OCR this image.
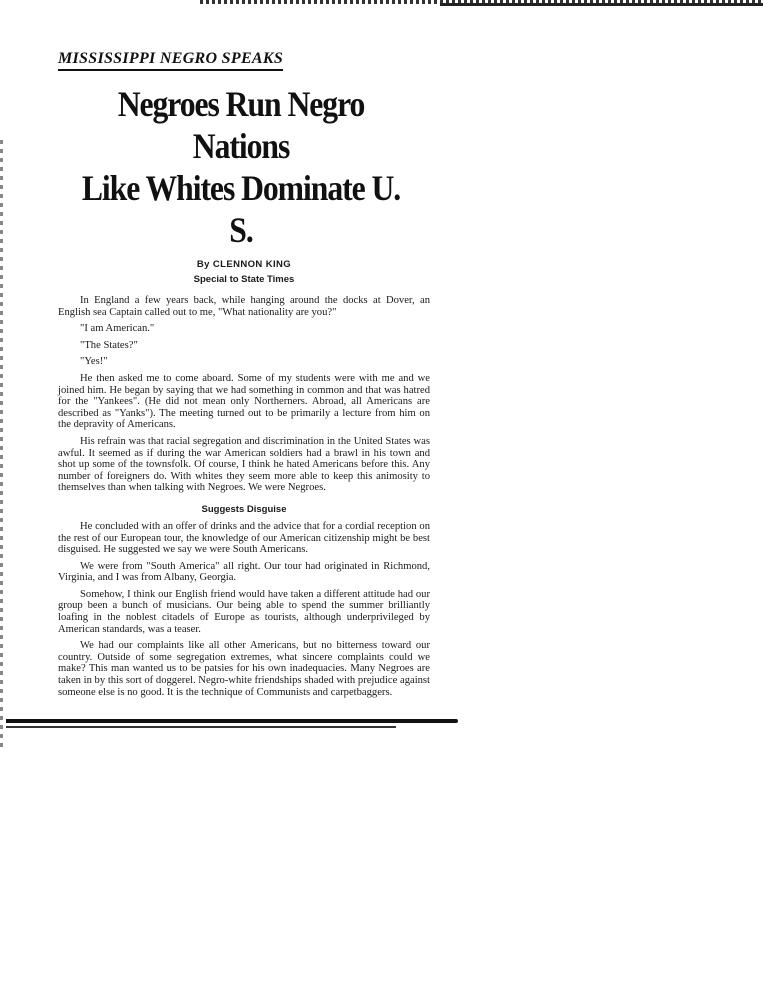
MISSISSIPPI NEGRO SPEAKS
Negroes Run Negro Nations
Like Whites Dominate U. S.
By CLENNON KING
Special to State Times

In England a few years back, while hanging around the docks at Dover, an English sea Captain called out to me, "What nationality are you?"

"I am American."

"The States?"

"Yes!"

He then asked me to come aboard. Some of my students were with me and we joined him. He began by saying that we had something in common and that was hatred for the "Yankees". (He did not mean only Northerners. Abroad, all Americans are described as "Yanks"). The meeting turned out to be primarily a lecture from him on the depravity of Americans.

His refrain was that racial segregation and discrimination in the United States was awful. It seemed as if during the war American soldiers had a brawl in his town and shot up some of the townsfolk. Of course, I think he hated Americans before this. Any number of foreigners do. With whites they seem more able to keep this animosity to themselves than when talking with Negroes. We were Negroes.

Suggests Disguise

He concluded with an offer of drinks and the advice that for a cordial reception on the rest of our European tour, the knowledge of our American citizenship might be best disguised. He suggested we say we were South Americans.

We were from "South America" all right. Our tour had originated in Richmond, Virginia, and I was from Albany, Georgia.

Somehow, I think our English friend would have taken a different attitude had our group been a bunch of musicians. Our being able to spend the summer brilliantly loafing in the noblest citadels of Europe as tourists, although underprivileged by American standards, was a teaser.

We had our complaints like all other Americans, but no bitterness toward our country. Outside of some segregation extremes, what sincere complaints could we make? This man wanted us to be patsies for his own inadequacies. Many Negroes are taken in by this sort of doggerel. Negro-white friendships shaded with prejudice against someone else is no good. It is the technique of Communists and carpetbaggers.
